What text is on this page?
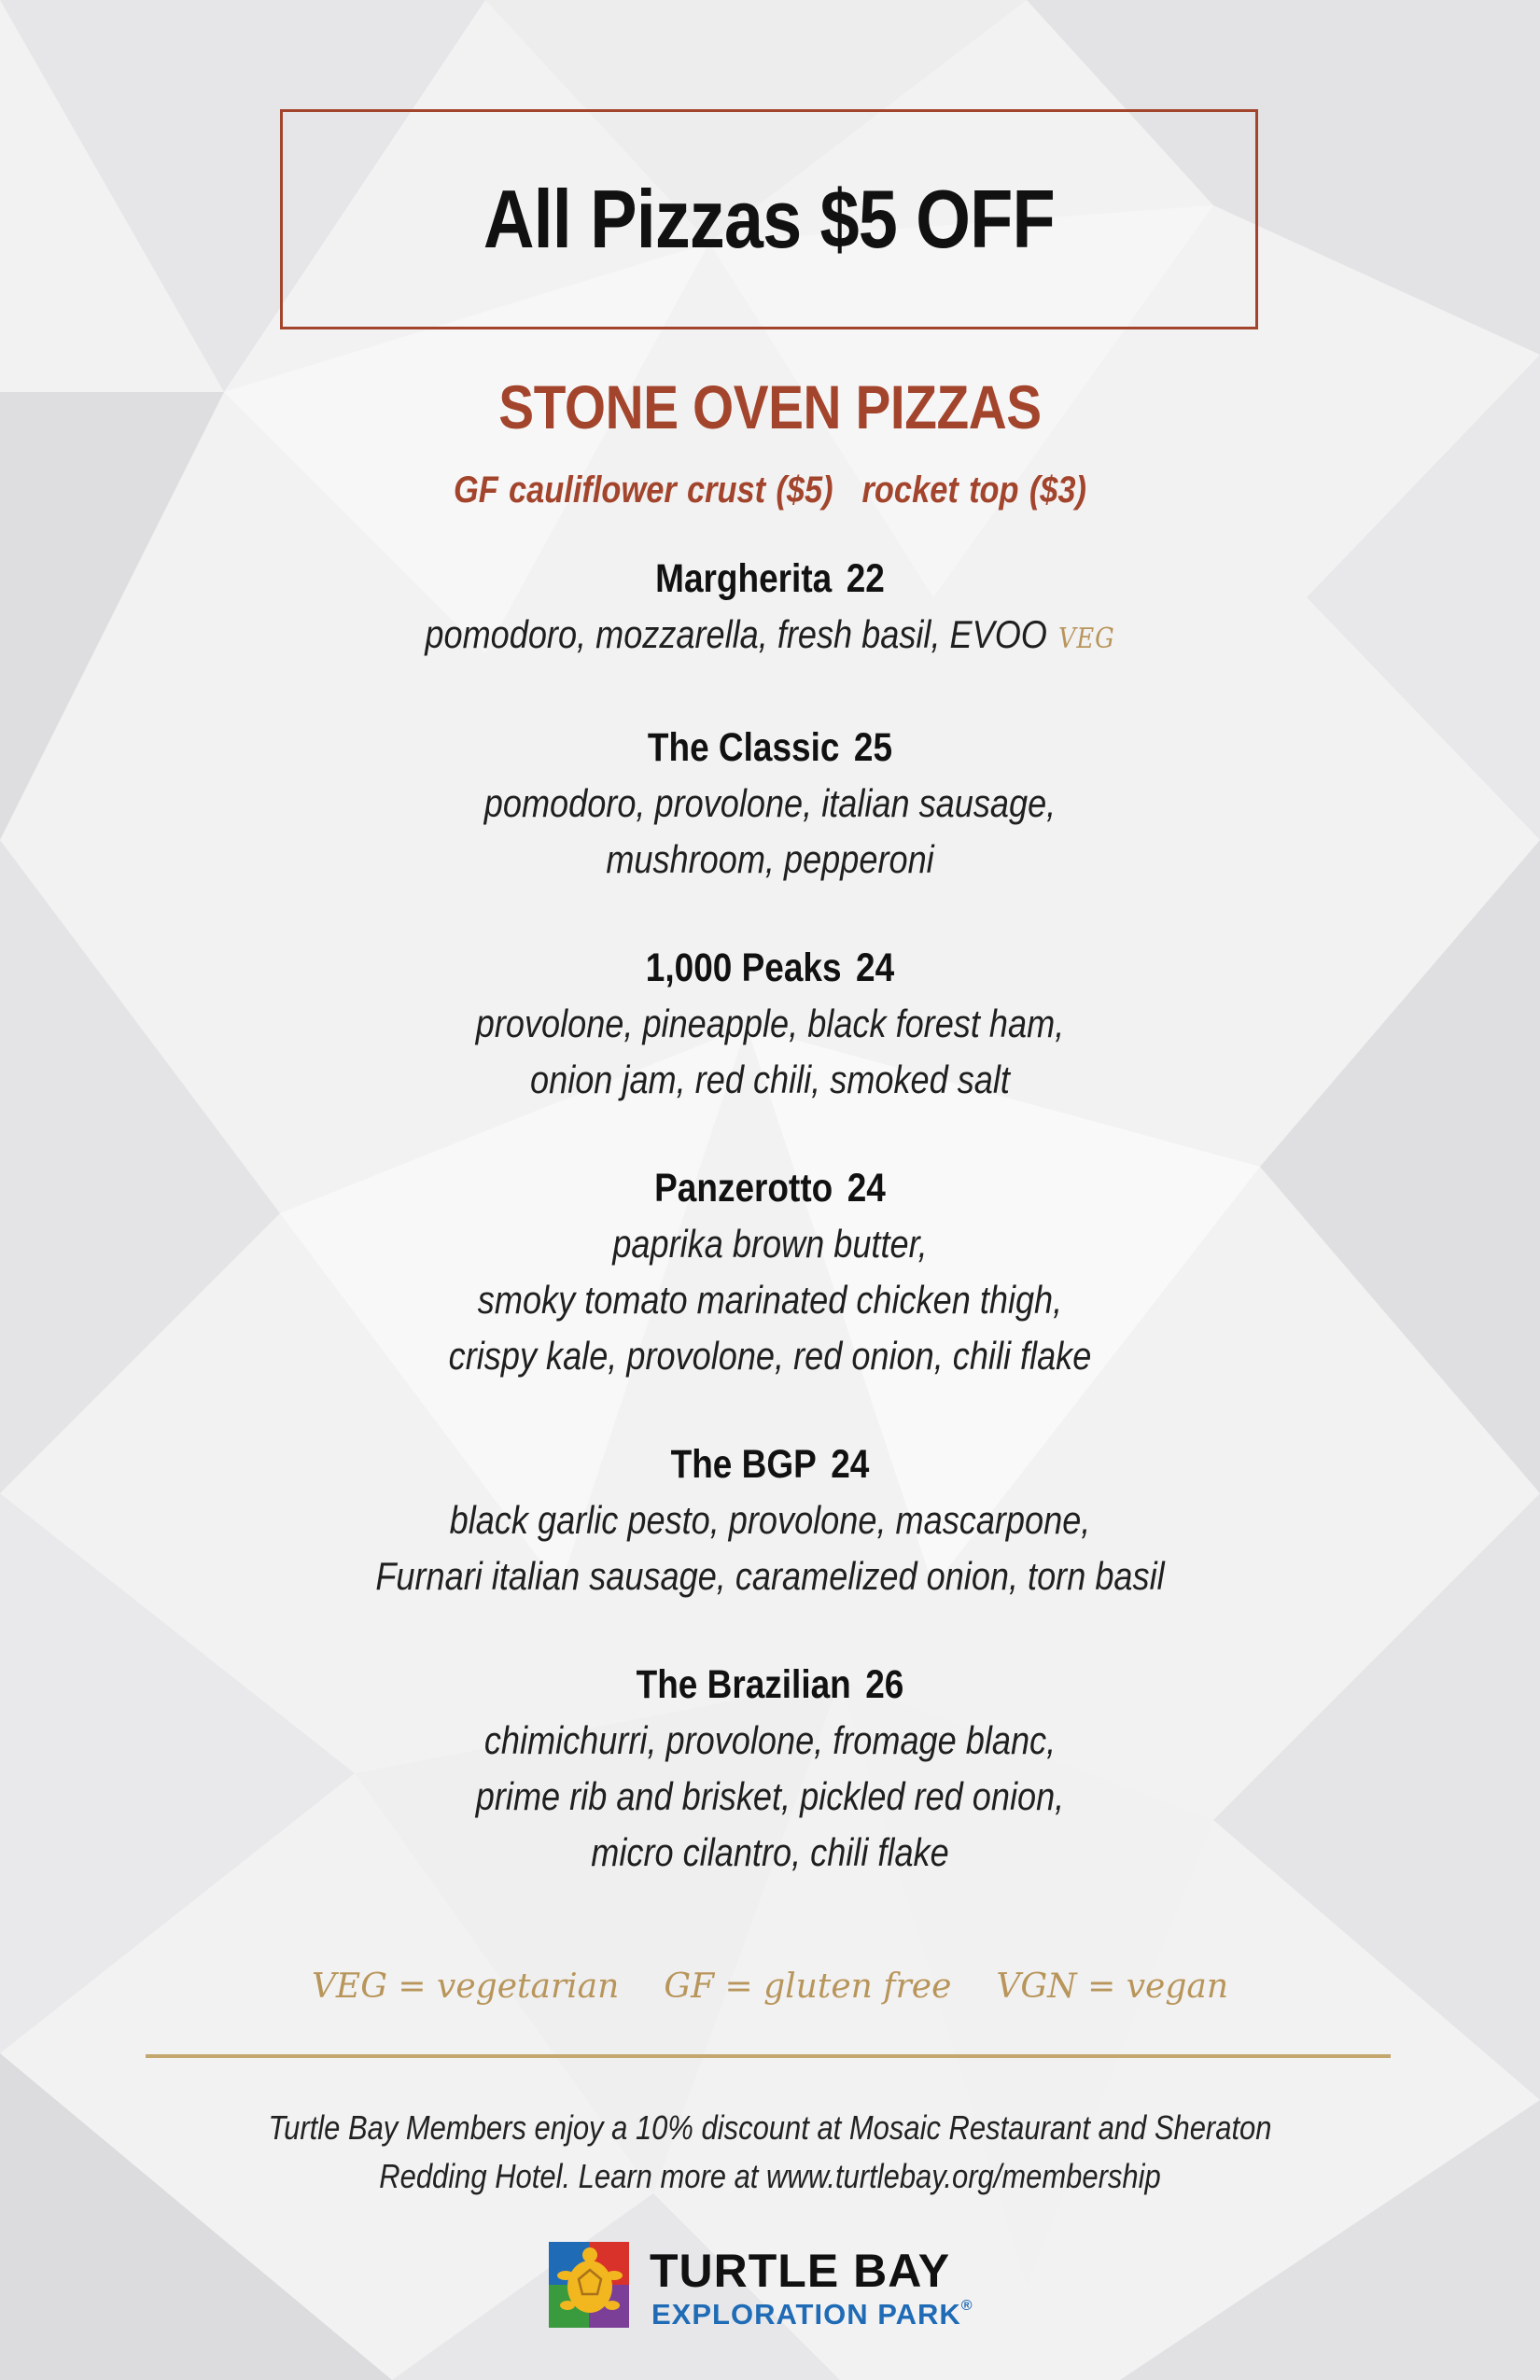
All Pizzas $5 OFF
STONE OVEN PIZZAS
GF cauliflower crust ($5) rocket top ($3)
Margherita 22
pomodoro, mozzarella, fresh basil, EVOO VEG
The Classic 25
pomodoro, provolone, italian sausage,
mushroom, pepperoni
1,000 Peaks 24
provolone, pineapple, black forest ham,
onion jam, red chili, smoked salt
Panzerotto 24
paprika brown butter,
smoky tomato marinated chicken thigh,
crispy kale, provolone, red onion, chili flake
The BGP 24
black garlic pesto, provolone, mascarpone,
Furnari italian sausage, caramelized onion, torn basil
The Brazilian 26
chimichurri, provolone, fromage blanc,
prime rib and brisket, pickled red onion,
micro cilantro, chili flake
VEG = vegetarian GF = gluten free VGN = vegan
Turtle Bay Members enjoy a 10% discount at Mosaic Restaurant and Sheraton
Redding Hotel. Learn more at www.turtlebay.org/membership
TURTLE BAY
EXPLORATION PARK®
